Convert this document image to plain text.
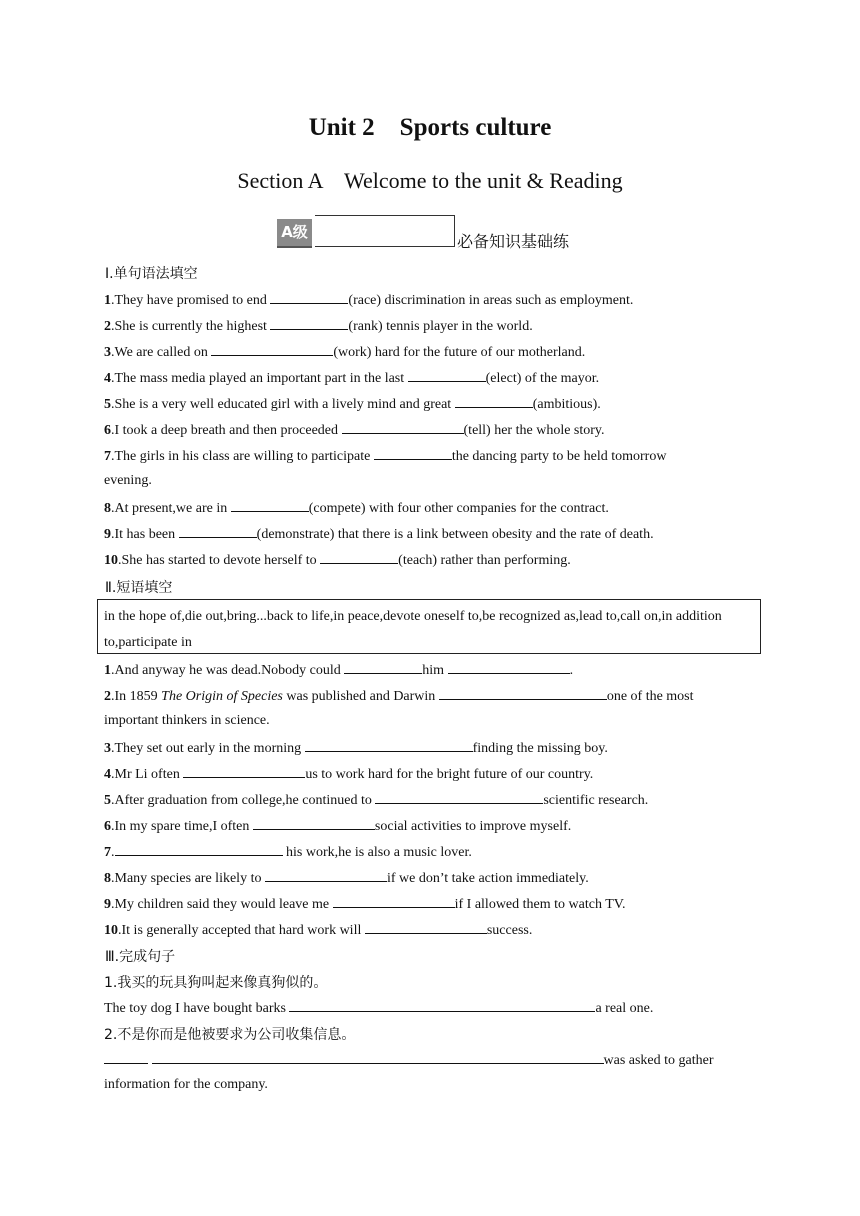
Unit 2    Sports culture
Section A    Welcome to the unit & Reading
A级	必备知识基础练
Ⅰ.单句语法填空
1.They have promised to end	(race) discrimination in areas such as employment.
2.She is currently the highest	(rank) tennis player in the world.
3.We are called on	(work) hard for the future of our motherland.
4.The mass media played an important part in the last	(elect) of the mayor.
5.She is a very well educated girl with a lively mind and great	(ambitious).
6.I took a deep breath and then proceeded	(tell) her the whole story.
7.The girls in his class are willing to participate	the dancing party to be held tomorrow
evening.
8.At present,we are in	(compete) with four other companies for the contract.
9.It has been	(demonstrate) that there is a link between obesity and the rate of death.
10.She has started to devote herself to	(teach) rather than performing.
Ⅱ.短语填空
in the hope of,die out,bring...back to life,in peace,devote oneself to,be recognized as,lead to,call on,in addition to,participate in
1.And anyway he was dead.Nobody could	him	.
2.In 1859 The Origin of Species was published and Darwin	one of the most
important thinkers in science.
3.They set out early in the morning	finding the missing boy.
4.Mr Li often	us to work hard for the bright future of our country.
5.After graduation from college,he continued to	scientific research.
6.In my spare time,I often	social activities to improve myself.
7.	his work,he is also a music lover.
8.Many species are likely to	if we don’t take action immediately.
9.My children said they would leave me	if I allowed them to watch TV.
10.It is generally accepted that hard work will	success.
Ⅲ.完成句子
1.我买的玩具狗叫起来像真狗似的。
The toy dog I have bought barks	a real one.
2.不是你而是他被要求为公司收集信息。
was asked to gather
information for the company.
